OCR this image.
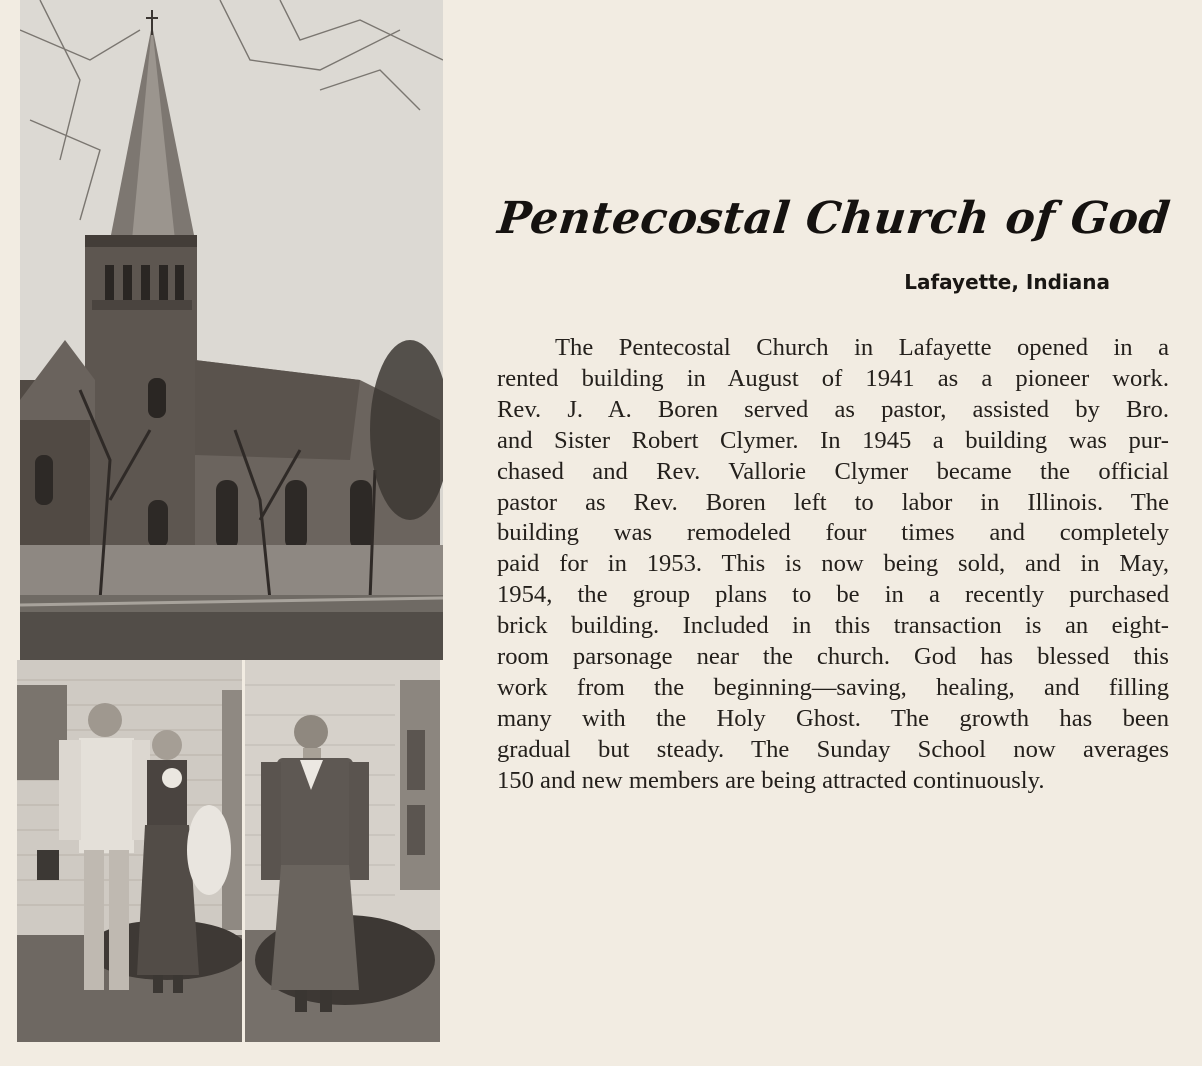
Pentecostal Church of God
Lafayette, Indiana
The Pentecostal Church in Lafayette opened in a
rented building in August of 1941 as a pioneer work.
Rev. J. A. Boren served as pastor, assisted by Bro.
and Sister Robert Clymer. In 1945 a building was pur-
chased and Rev. Vallorie Clymer became the official
pastor as Rev. Boren left to labor in Illinois. The
building was remodeled four times and completely
paid for in 1953. This is now being sold, and in May,
1954, the group plans to be in a recently purchased
brick building. Included in this transaction is an eight-
room parsonage near the church. God has blessed this
work from the beginning—saving, healing, and filling
many with the Holy Ghost. The growth has been
gradual but steady. The Sunday School now averages
150 and new members are being attracted continuously.
